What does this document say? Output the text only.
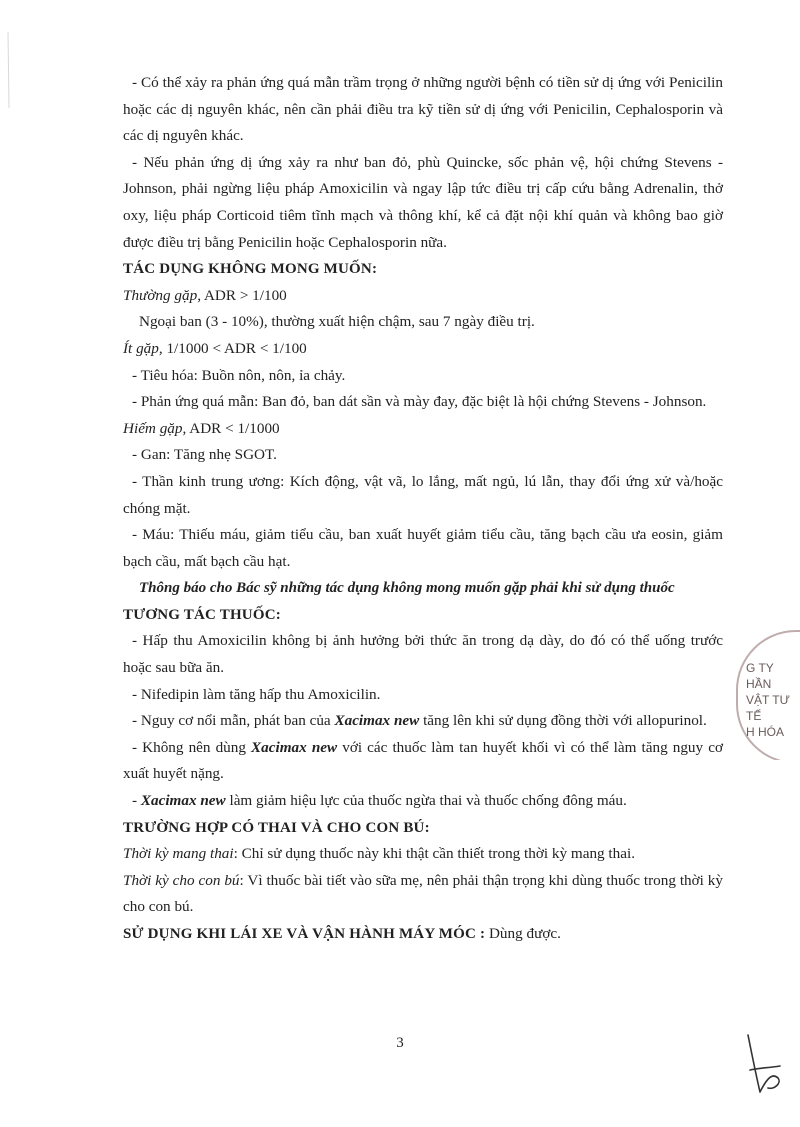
- Có thể xảy ra phản ứng quá mẫn trầm trọng ở những người bệnh có tiền sử dị ứng với Penicilin hoặc các dị nguyên khác, nên cần phải điều tra kỹ tiền sử dị ứng với Penicilin, Cephalosporin và các dị nguyên khác.

- Nếu phản ứng dị ứng xảy ra như ban đỏ, phù Quincke, sốc phản vệ, hội chứng Stevens - Johnson, phải ngừng liệu pháp Amoxicilin và ngay lập tức điều trị cấp cứu bằng Adrenalin, thở oxy, liệu pháp Corticoid tiêm tĩnh mạch và thông khí, kể cả đặt nội khí quản và không bao giờ được điều trị bằng Penicilin hoặc Cephalosporin nữa.

TÁC DỤNG KHÔNG MONG MUỐN:

Thường gặp, ADR > 1/100

Ngoại ban (3 - 10%), thường xuất hiện chậm, sau 7 ngày điều trị.

Ít gặp, 1/1000 < ADR < 1/100

- Tiêu hóa: Buồn nôn, nôn, ỉa chảy.

- Phản ứng quá mẫn: Ban đỏ, ban dát sần và mày đay, đặc biệt là hội chứng Stevens - Johnson.

Hiếm gặp, ADR < 1/1000

- Gan: Tăng nhẹ SGOT.

- Thần kinh trung ương: Kích động, vật vã, lo lắng, mất ngủ, lú lẫn, thay đổi ứng xử và/hoặc chóng mặt.

- Máu: Thiếu máu, giảm tiểu cầu, ban xuất huyết giảm tiểu cầu, tăng bạch cầu ưa eosin, giảm bạch cầu, mất bạch cầu hạt.

Thông báo cho Bác sỹ những tác dụng không mong muốn gặp phải khi sử dụng thuốc

TƯƠNG TÁC THUỐC:

- Hấp thu Amoxicilin không bị ảnh hưởng bởi thức ăn trong dạ dày, do đó có thể uống trước hoặc sau bữa ăn.

- Nifedipin làm tăng hấp thu Amoxicilin.

- Nguy cơ nổi mẫn, phát ban của Xacimax new tăng lên khi sử dụng đồng thời với allopurinol.

- Không nên dùng Xacimax new với các thuốc làm tan huyết khối vì có thể làm tăng nguy cơ xuất huyết nặng.

- Xacimax new làm giảm hiệu lực của thuốc ngừa thai và thuốc chống đông máu.

TRƯỜNG HỢP CÓ THAI VÀ CHO CON BÚ:

Thời kỳ mang thai: Chỉ sử dụng thuốc này khi thật cần thiết trong thời kỳ mang thai.

Thời kỳ cho con bú: Vì thuốc bài tiết vào sữa mẹ, nên phải thận trọng khi dùng thuốc trong thời kỳ cho con bú.

SỬ DỤNG KHI LÁI XE VÀ VẬN HÀNH MÁY MÓC : Dùng được.

3
G TY
HẦN
VẬT TƯ
TẾ
H HÓA
